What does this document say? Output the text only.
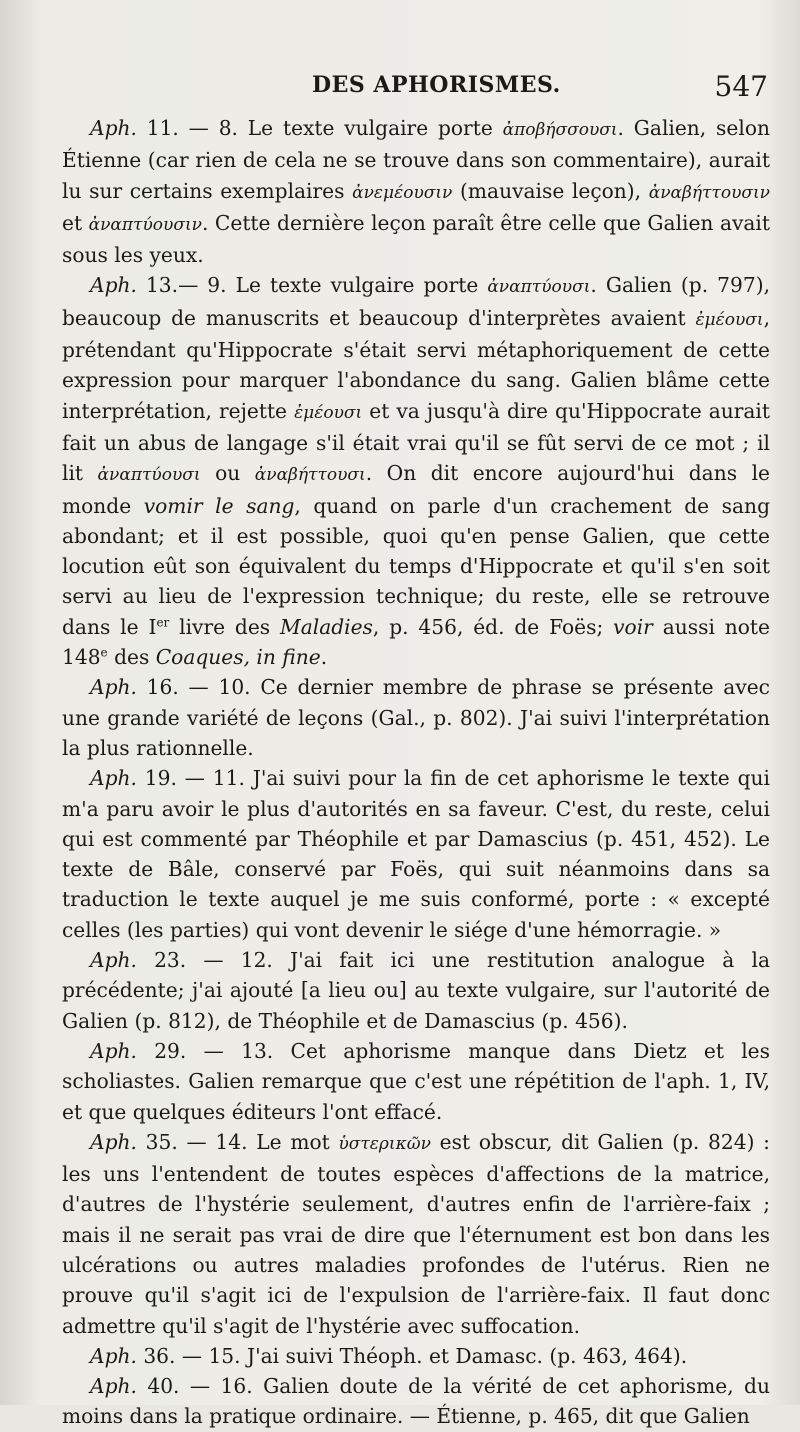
DES APHORISMES.	547

Aph. 11. — 8. Le texte vulgaire porte ἀποβήσσουσι. Galien, selon Étienne (car rien de cela ne se trouve dans son commentaire), aurait lu sur certains exemplaires ἀνεμέουσιν (mauvaise leçon), ἀναβήττουσιν et ἀναπτύουσιν. Cette dernière leçon paraît être celle que Galien avait sous les yeux.

Aph. 13.— 9. Le texte vulgaire porte ἀναπτύουσι. Galien (p. 797), beaucoup de manuscrits et beaucoup d'interprètes avaient ἐμέουσι, prétendant qu'Hippocrate s'était servi métaphoriquement de cette expression pour marquer l'abondance du sang. Galien blâme cette interprétation, rejette ἐμέουσι et va jusqu'à dire qu'Hippocrate aurait fait un abus de langage s'il était vrai qu'il se fût servi de ce mot ; il lit ἀναπτύουσι ou ἀναβήττουσι. On dit encore aujourd'hui dans le monde vomir le sang, quand on parle d'un crachement de sang abondant; et il est possible, quoi qu'en pense Galien, que cette locution eût son équivalent du temps d'Hippocrate et qu'il s'en soit servi au lieu de l'expression technique; du reste, elle se retrouve dans le Ier livre des Maladies, p. 456, éd. de Foës; voir aussi note 148e des Coaques, in fine.

Aph. 16. — 10. Ce dernier membre de phrase se présente avec une grande variété de leçons (Gal., p. 802). J'ai suivi l'interprétation la plus rationnelle.

Aph. 19. — 11. J'ai suivi pour la fin de cet aphorisme le texte qui m'a paru avoir le plus d'autorités en sa faveur. C'est, du reste, celui qui est commenté par Théophile et par Damascius (p. 451, 452). Le texte de Bâle, conservé par Foës, qui suit néanmoins dans sa traduction le texte auquel je me suis conformé, porte : « excepté celles (les parties) qui vont devenir le siége d'une hémorragie. »

Aph. 23. — 12. J'ai fait ici une restitution analogue à la précédente; j'ai ajouté [a lieu ou] au texte vulgaire, sur l'autorité de Galien (p. 812), de Théophile et de Damascius (p. 456).

Aph. 29. — 13. Cet aphorisme manque dans Dietz et les scholiastes. Galien remarque que c'est une répétition de l'aph. 1, IV, et que quelques éditeurs l'ont effacé.

Aph. 35. — 14. Le mot ὑστερικῶν est obscur, dit Galien (p. 824) : les uns l'entendent de toutes espèces d'affections de la matrice, d'autres de l'hystérie seulement, d'autres enfin de l'arrière-faix ; mais il ne serait pas vrai de dire que l'éternument est bon dans les ulcérations ou autres maladies profondes de l'utérus. Rien ne prouve qu'il s'agit ici de l'expulsion de l'arrière-faix. Il faut donc admettre qu'il s'agit de l'hystérie avec suffocation.

Aph. 36. — 15. J'ai suivi Théoph. et Damasc. (p. 463, 464).

Aph. 40. — 16. Galien doute de la vérité de cet aphorisme, du moins dans la pratique ordinaire. — Étienne, p. 465, dit que Galien
